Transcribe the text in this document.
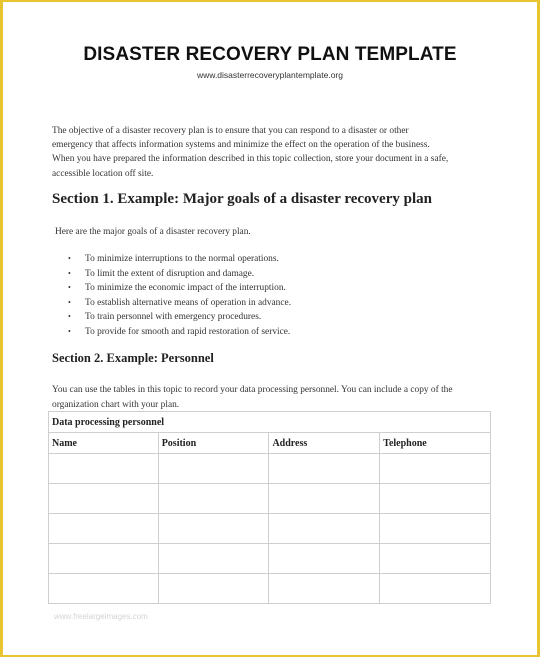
DISASTER RECOVERY PLAN TEMPLATE
www.disasterrecoveryplantemplate.org

The objective of a disaster recovery plan is to ensure that you can respond to a disaster or other
emergency that affects information systems and minimize the effect on the operation of the business.
When you have prepared the information described in this topic collection, store your document in a safe,
accessible location off site.

Section 1. Example: Major goals of a disaster recovery plan

Here are the major goals of a disaster recovery plan.

• To minimize interruptions to the normal operations.
• To limit the extent of disruption and damage.
• To minimize the economic impact of the interruption.
• To establish alternative means of operation in advance.
• To train personnel with emergency procedures.
• To provide for smooth and rapid restoration of service.
Section 2. Example: Personnel

You can use the tables in this topic to record your data processing personnel. You can include a copy of the
organization chart with your plan.

Data processing personnel			
Name	Position	Address	Telephone

www.freelargeimages.com
